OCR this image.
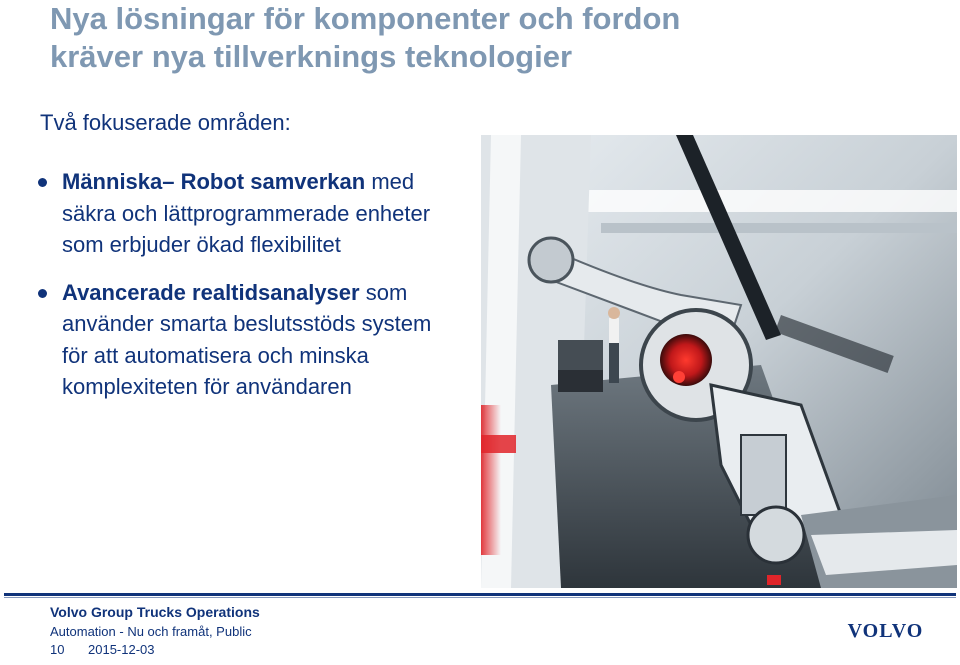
Nya lösningar för komponenter och fordon
kräver nya tillverknings teknologier
Två fokuserade områden:
Människa– Robot samverkan med säkra och lättprogrammerade enheter som erbjuder ökad flexibilitet
Avancerade realtidsanalyser som använder smarta beslutsstöds system för att automatisera och minska komplexiteten för användaren
Volvo Group Trucks Operations
Automation - Nu och framåt, Public
10 2015-12-03
VOLVO
